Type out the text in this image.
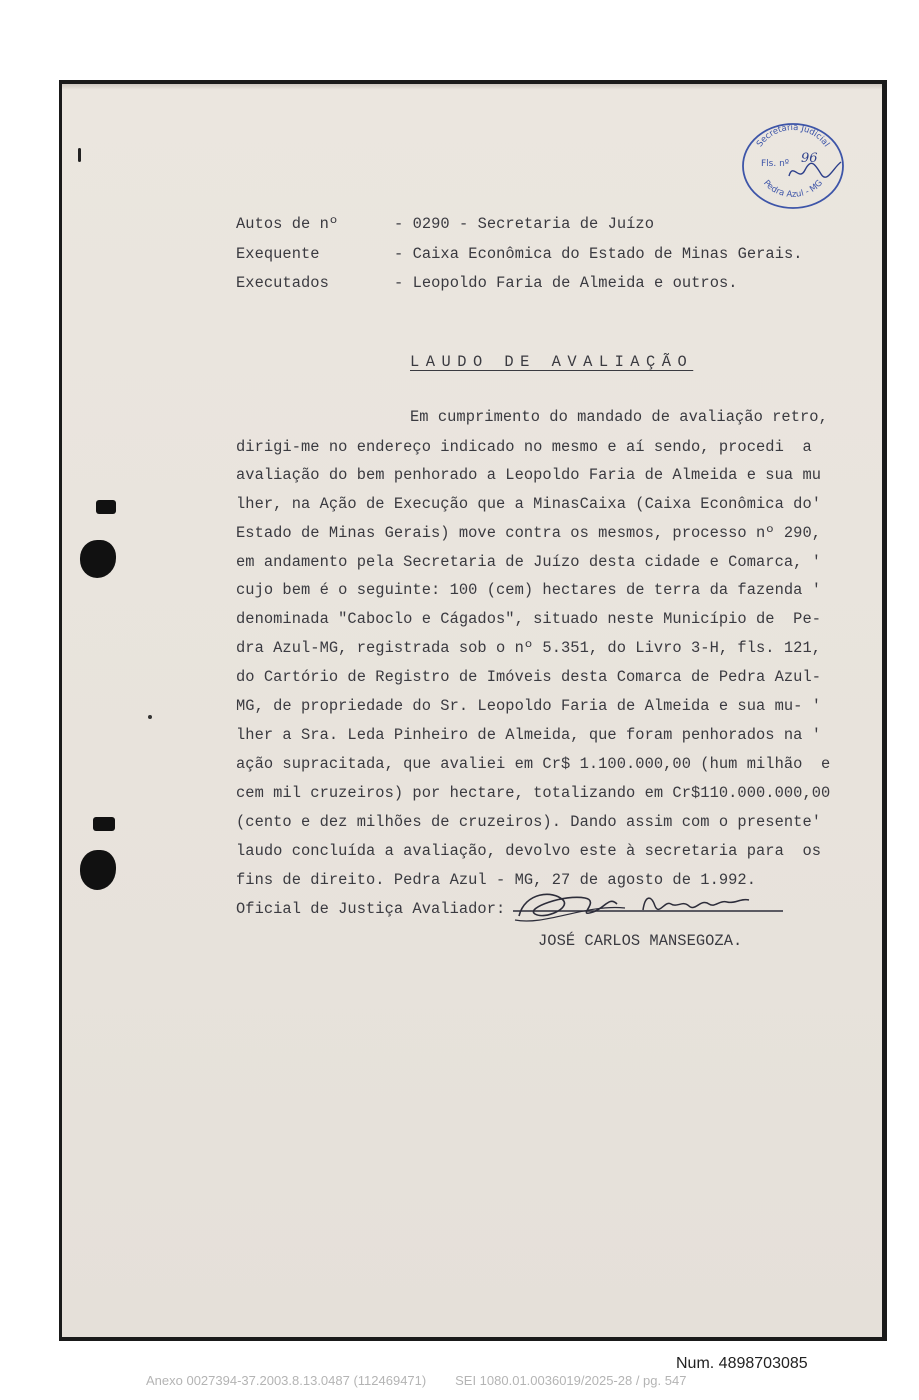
Secretaria Judicial
Pedra Azul - MG
Fls. nº 96
Autos de nº	- 0290 - Secretaria de Juízo
Exequente	- Caixa Econômica do Estado de Minas Gerais.
Executados	- Leopoldo Faria de Almeida e outros.
LAUDO DE AVALIAÇÃO
Em cumprimento do mandado de avaliação retro,
dirigi-me no endereço indicado no mesmo e aí sendo, procedi  a
avaliação do bem penhorado a Leopoldo Faria de Almeida e sua mu
lher, na Ação de Execução que a MinasCaixa (Caixa Econômica do'
Estado de Minas Gerais) move contra os mesmos, processo nº 290,
em andamento pela Secretaria de Juízo desta cidade e Comarca, '
cujo bem é o seguinte: 100 (cem) hectares de terra da fazenda '
denominada "Caboclo e Cágados", situado neste Município de  Pe-
dra Azul-MG, registrada sob o nº 5.351, do Livro 3-H, fls. 121,
do Cartório de Registro de Imóveis desta Comarca de Pedra Azul-
MG, de propriedade do Sr. Leopoldo Faria de Almeida e sua mu- '
lher a Sra. Leda Pinheiro de Almeida, que foram penhorados na '
ação supracitada, que avaliei em Cr$ 1.100.000,00 (hum milhão  e
cem mil cruzeiros) por hectare, totalizando em Cr$110.000.000,00
(cento e dez milhões de cruzeiros). Dando assim com o presente'
laudo concluída a avaliação, devolvo este à secretaria para  os
fins de direito. Pedra Azul - MG, 27 de agosto de 1.992.
Oficial de Justiça Avaliador:
JOSÉ CARLOS MANSEGOZA.
Num. 4898703085
Anexo 0027394-37.2003.8.13.0487 (112469471)        SEI 1080.01.0036019/2025-28 / pg. 547
